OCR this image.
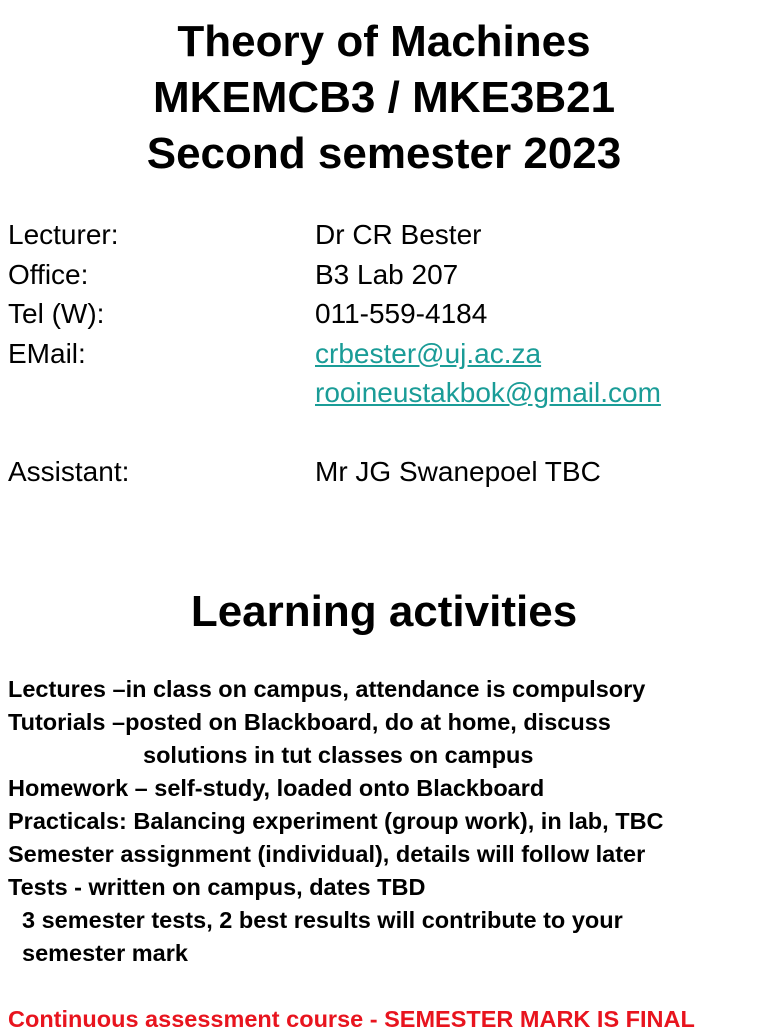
Theory of Machines
MKEMCB3 / MKE3B21
Second semester 2023
Lecturer:	Dr CR Bester
Office:	B3 Lab 207
Tel (W):	011-559-4184
EMail:	crbester@uj.ac.za
rooineustakbok@gmail.com
Assistant:	Mr JG Swanepoel TBC
Learning activities
Lectures – in class on campus, attendance is compulsory
Tutorials – posted on Blackboard, do at home, discuss
solutions in tut classes on campus
Homework – self-study, loaded onto Blackboard
Practicals: Balancing experiment (group work), in lab, TBC
Semester assignment (individual), details will follow later
Tests - written on campus, dates TBD
3 semester tests, 2 best results will contribute to your
semester mark
Continuous assessment course - SEMESTER MARK IS FINAL
